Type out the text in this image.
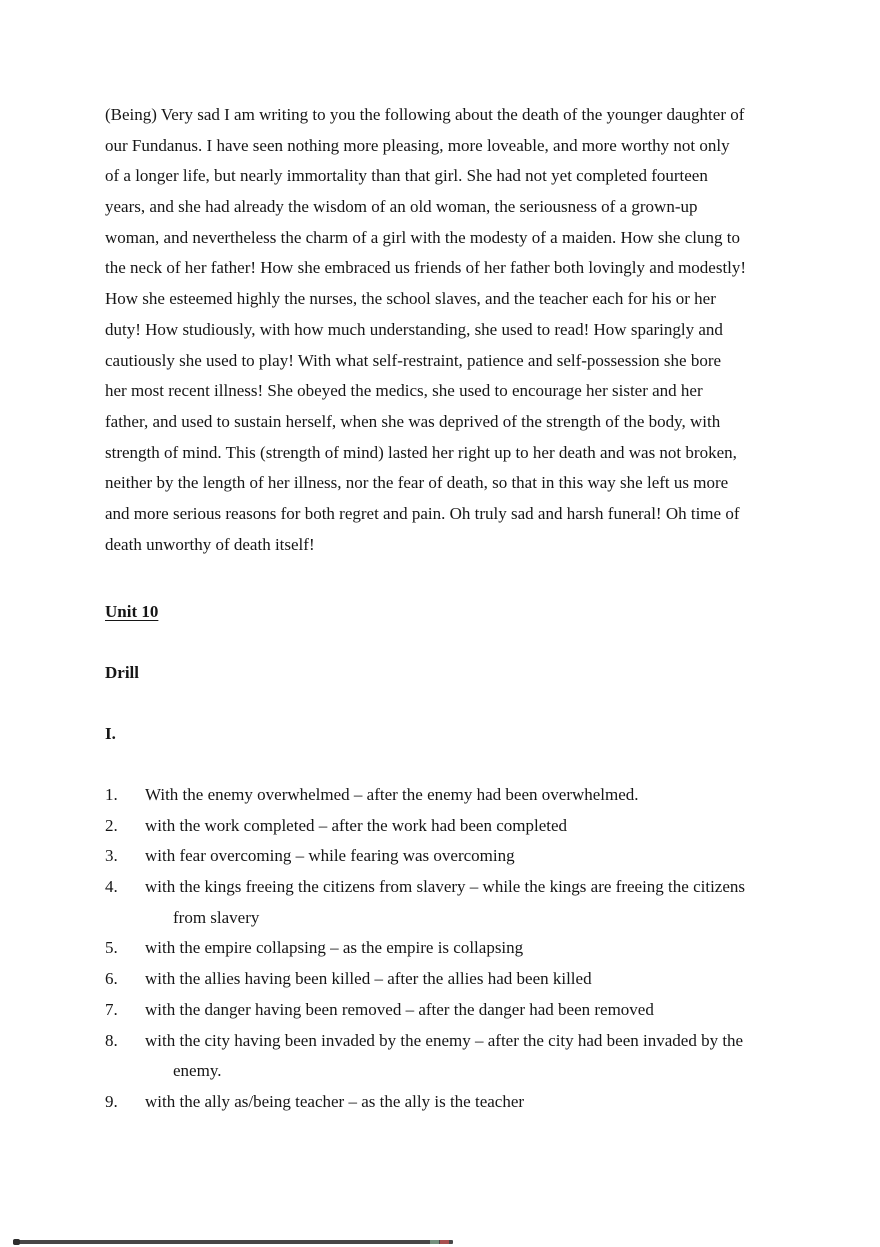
(Being) Very sad I am writing to you the following about the death of the younger daughter of
our Fundanus. I have seen nothing more pleasing, more loveable, and more worthy not only
of a longer life, but nearly immortality than that girl. She had not yet completed fourteen
years, and she had already the wisdom of an old woman, the seriousness of a grown-up
woman, and nevertheless the charm of a girl with the modesty of a maiden. How she clung to
the neck of her father! How she embraced us friends of her father both lovingly and modestly!
How she esteemed highly the nurses, the school slaves, and the teacher each for his or her
duty! How studiously, with how much understanding, she used to read! How sparingly and
cautiously she used to play! With what self-restraint, patience and self-possession she bore
her most recent illness! She obeyed the medics, she used to encourage her sister and her
father, and used to sustain herself, when she was deprived of the strength of the body, with
strength of mind. This (strength of mind) lasted her right up to her death and was not broken,
neither by the length of her illness, nor the fear of death, so that in this way she left us more
and more serious reasons for both regret and pain. Oh truly sad and harsh funeral! Oh time of
death unworthy of death itself!
Unit 10
Drill
I.
1.	With the enemy overwhelmed – after the enemy had been overwhelmed.
2.	with the work completed – after the work had been completed
3.	with fear overcoming – while fearing was overcoming
4.	with the kings freeing the citizens from slavery – while the kings are freeing the citizens
from slavery
5.	with the empire collapsing – as the empire is collapsing
6.	with the allies having been killed – after the allies had been killed
7.	with the danger having been removed – after the danger had been removed
8.	with the city having been invaded by the enemy – after the city had been invaded by the
enemy.
9.	with the ally as/being teacher – as the ally is the teacher
